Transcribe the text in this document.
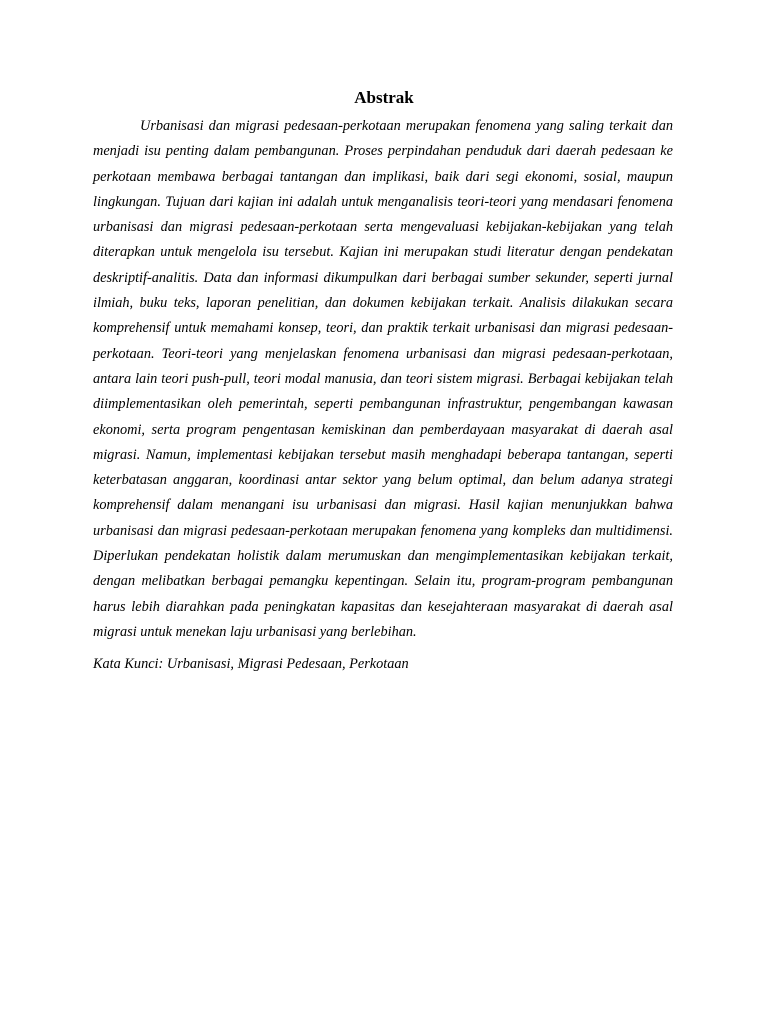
Abstrak

Urbanisasi dan migrasi pedesaan-perkotaan merupakan fenomena yang saling terkait dan menjadi isu penting dalam pembangunan. Proses perpindahan penduduk dari daerah pedesaan ke perkotaan membawa berbagai tantangan dan implikasi, baik dari segi ekonomi, sosial, maupun lingkungan. Tujuan dari kajian ini adalah untuk menganalisis teori-teori yang mendasari fenomena urbanisasi dan migrasi pedesaan-perkotaan serta mengevaluasi kebijakan-kebijakan yang telah diterapkan untuk mengelola isu tersebut. Kajian ini merupakan studi literatur dengan pendekatan deskriptif-analitis. Data dan informasi dikumpulkan dari berbagai sumber sekunder, seperti jurnal ilmiah, buku teks, laporan penelitian, dan dokumen kebijakan terkait. Analisis dilakukan secara komprehensif untuk memahami konsep, teori, dan praktik terkait urbanisasi dan migrasi pedesaan-perkotaan. Teori-teori yang menjelaskan fenomena urbanisasi dan migrasi pedesaan-perkotaan, antara lain teori push-pull, teori modal manusia, dan teori sistem migrasi. Berbagai kebijakan telah diimplementasikan oleh pemerintah, seperti pembangunan infrastruktur, pengembangan kawasan ekonomi, serta program pengentasan kemiskinan dan pemberdayaan masyarakat di daerah asal migrasi. Namun, implementasi kebijakan tersebut masih menghadapi beberapa tantangan, seperti keterbatasan anggaran, koordinasi antar sektor yang belum optimal, dan belum adanya strategi komprehensif dalam menangani isu urbanisasi dan migrasi. Hasil kajian menunjukkan bahwa urbanisasi dan migrasi pedesaan-perkotaan merupakan fenomena yang kompleks dan multidimensi. Diperlukan pendekatan holistik dalam merumuskan dan mengimplementasikan kebijakan terkait, dengan melibatkan berbagai pemangku kepentingan. Selain itu, program-program pembangunan harus lebih diarahkan pada peningkatan kapasitas dan kesejahteraan masyarakat di daerah asal migrasi untuk menekan laju urbanisasi yang berlebihan.

Kata Kunci: Urbanisasi, Migrasi Pedesaan, Perkotaan
